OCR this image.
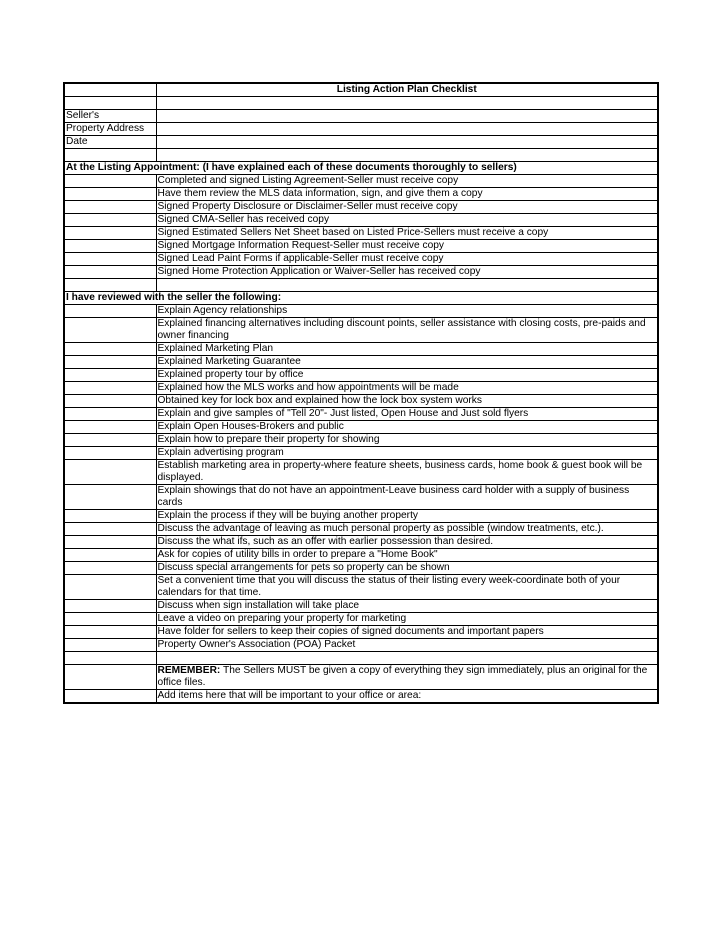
	Listing Action Plan Checklist

Seller's	
Property Address	
Date	

At the Listing Appointment: (I have explained each of these documents thoroughly to sellers)	
	Completed and signed Listing Agreement-Seller must receive copy
	Have them review the MLS data information, sign, and give them a copy
	Signed Property Disclosure or Disclaimer-Seller must receive copy
	Signed CMA-Seller has received copy
	Signed Estimated Sellers Net Sheet based on Listed Price-Sellers must receive a copy
	Signed Mortgage Information Request-Seller must receive copy
	Signed Lead Paint Forms if applicable-Seller must receive copy
	Signed Home Protection Application or Waiver-Seller has received copy

I have reviewed with the seller the following:	
	Explain Agency relationships
	Explained financing alternatives including discount points, seller assistance with closing costs, pre-paids and owner financing
	Explained Marketing Plan
	Explained Marketing Guarantee
	Explained property tour by office
	Explained how the MLS works and how appointments will be made
	Obtained key for lock box and explained how the lock box system works
	Explain and give samples of "Tell 20"- Just listed, Open House and Just sold flyers
	Explain Open Houses-Brokers and public
	Explain how to prepare their property for showing
	Explain advertising program
	Establish marketing area in property-where feature sheets, business cards, home book & guest book will be displayed.
	Explain showings that do not have an appointment-Leave business card holder with a supply of business cards
	Explain the process if they will be buying another property
	Discuss the advantage of leaving as much personal property as possible (window treatments, etc.).
	Discuss the what ifs, such as an offer with earlier possession than desired.
	Ask for copies of utility bills in order to prepare a "Home Book"
	Discuss special arrangements for pets so property can be shown
	Set a convenient time that you will discuss the status of their listing every week-coordinate both of your calendars for that time.
	Discuss when sign installation will take place
	Leave a video on preparing your property for marketing
	Have folder for sellers to keep their copies of signed documents and important papers
	Property Owner's Association (POA) Packet

	REMEMBER: The Sellers MUST be given a copy of everything they sign immediately, plus an original for the office files.
	Add items here that will be important to your office or area:
